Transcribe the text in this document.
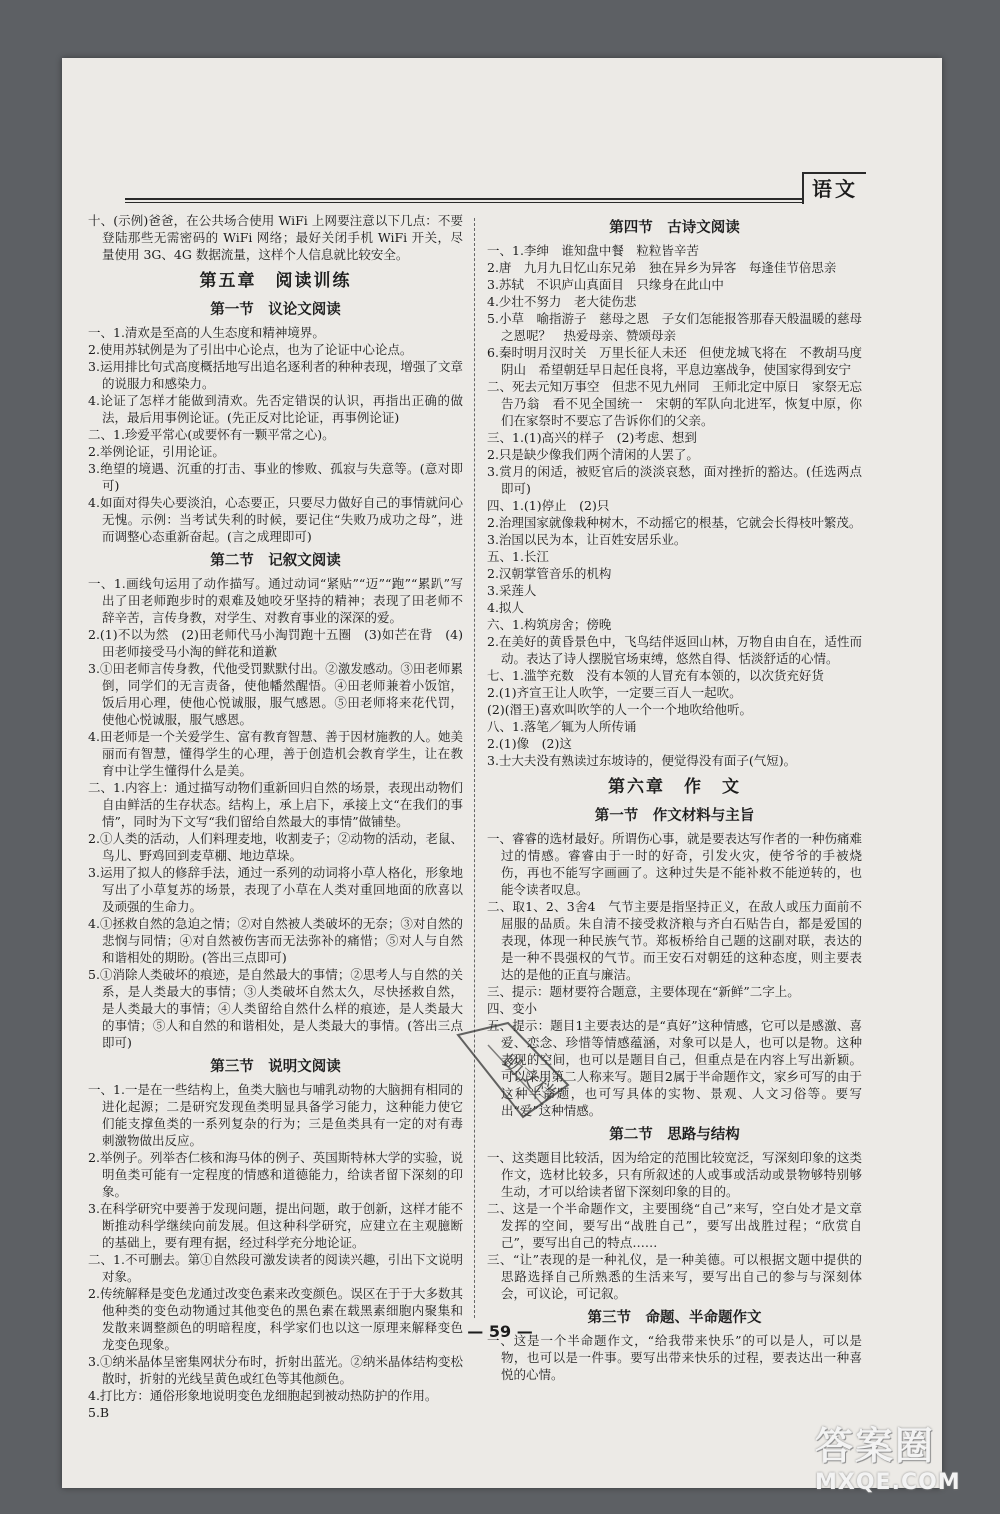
语文

十、(示例)爸爸，在公共场合使用 WiFi 上网要注意以下几点：不要登陆那些无需密码的 WiFi 网络；最好关闭手机 WiFi 开关，尽量使用 3G、4G 数据流量，这样个人信息就比较安全。

第五章　阅读训练
第一节　议论文阅读

一、1.清欢是至高的人生态度和精神境界。

2.使用苏轼例是为了引出中心论点，也为了论证中心论点。

3.运用排比句式高度概括地写出追名逐利者的种种表现，增强了文章的说服力和感染力。

4.论证了怎样才能做到清欢。先否定错误的认识，再指出正确的做法，最后用事例论证。(先正反对比论证，再事例论证)

二、1.珍爱平常心(或要怀有一颗平常之心)。

2.举例论证，引用论证。

3.绝望的境遇、沉重的打击、事业的惨败、孤寂与失意等。(意对即可)

4.如面对得失心要淡泊，心态要正，只要尽力做好自己的事情就问心无愧。示例：当考试失利的时候，要记住“失败乃成功之母”，进而调整心态重新奋起。(言之成理即可)

第二节　记叙文阅读

一、1.画线句运用了动作描写。通过动词“紧贴”“迈”“跑”“累趴”写出了田老师跑步时的艰难及她咬牙坚持的精神；表现了田老师不辞辛苦，言传身教，对学生、对教育事业的深深的爱。

2.(1)不以为然　(2)田老师代马小淘罚跑十五圈　(3)如芒在背　(4)田老师接受马小淘的鲜花和道歉

3.①田老师言传身教，代他受罚默默付出。②激发感动。③田老师累倒，同学们的无言责备，使他幡然醒悟。④田老师兼着小饭馆，饭后用心理，使他心悦诚服，服气感恩。⑤田老师将来花代罚，使他心悦诚服，服气感恩。

4.田老师是一个关爱学生、富有教育智慧、善于因材施教的人。她美丽而有智慧，懂得学生的心理，善于创造机会教育学生，让在教育中让学生懂得什么是美。

二、1.内容上：通过描写动物们重新回归自然的场景，表现出动物们自由鲜活的生存状态。结构上，承上启下，承接上文“在我们的事情”，同时为下文写“我们留给自然最大的事情”做铺垫。

2.①人类的活动，人们料理麦地，收割麦子；②动物的活动，老鼠、鸟儿、野鸡回到麦草棚、地边草垛。

3.运用了拟人的修辞手法，通过一系列的动词将小草人格化，形象地写出了小草复苏的场景，表现了小草在人类对重回地面的欣喜以及顽强的生命力。

4.①拯救自然的急迫之情；②对自然被人类破坏的无奈；③对自然的悲悯与同情；④对自然被伤害而无法弥补的痛惜；⑤对人与自然和谐相处的期盼。(答出三点即可)

5.①消除人类破坏的痕迹，是自然最大的事情；②思考人与自然的关系，是人类最大的事情；③人类破坏自然太久，尽快拯救自然，是人类最大的事情；④人类留给自然什么样的痕迹，是人类最大的事情；⑤人和自然的和谐相处，是人类最大的事情。(答出三点即可)

第三节　说明文阅读

一、1.一是在一些结构上，鱼类大脑也与哺乳动物的大脑拥有相同的进化起源；二是研究发现鱼类明显具备学习能力，这种能力使它们能支撑鱼类的一系列复杂的行为；三是鱼类具有一定的对有毒刺激物做出反应。

2.举例子。列举杏仁核和海马体的例子、英国斯特林大学的实验，说明鱼类可能有一定程度的情感和道德能力，给读者留下深刻的印象。

3.在科学研究中要善于发现问题，提出问题，敢于创新，这样才能不断推动科学继续向前发展。但这种科学研究，应建立在主观臆断的基础上，要有理有据，经过科学充分地论证。

二、1.不可删去。第①自然段可激发读者的阅读兴趣，引出下文说明对象。

2.传统解释是变色龙通过改变色素来改变颜色。误区在于于大多数其他种类的变色动物通过其他变色的黑色素在载黑素细胞内聚集和发散来调整颜色的明暗程度，科学家们也以这一原理来解释变色龙变色现象。

3.①纳米晶体呈密集网状分布时，折射出蓝光。②纳米晶体结构变松散时，折射的光线呈黄色或红色等其他颜色。

4.打比方：通俗形象地说明变色龙细胞起到被动热防护的作用。

5.B

第四节　古诗文阅读

一、1.李绅　谁知盘中餐　粒粒皆辛苦

2.唐　九月九日忆山东兄弟　独在异乡为异客　每逢佳节倍思亲

3.苏轼　不识庐山真面目　只缘身在此山中

4.少壮不努力　老大徒伤悲

5.小草　喻指游子　慈母之恩　子女们怎能报答那春天般温暖的慈母之恩呢？　热爱母亲、赞颂母亲

6.秦时明月汉时关　万里长征人未还　但使龙城飞将在　不教胡马度阴山　希望朝廷早日起任良将，平息边塞战争，使国家得到安宁

二、死去元知万事空　但悲不见九州同　王师北定中原日　家祭无忘告乃翁　看不见全国统一　宋朝的军队向北进军，恢复中原，你们在家祭时不要忘了告诉你们的父亲。

三、1.(1)高兴的样子　(2)考虑、想到

2.只是缺少像我们两个清闲的人罢了。

3.赏月的闲适，被贬官后的淡淡哀愁，面对挫折的豁达。(任选两点即可)

四、1.(1)停止　(2)只

2.治理国家就像栽种树木，不动摇它的根基，它就会长得枝叶繁茂。

3.治国以民为本，让百姓安居乐业。

五、1.长江

2.汉朝掌管音乐的机构

3.采莲人

4.拟人

六、1.构筑房舍；傍晚

2.在美好的黄昏景色中，飞鸟结伴返回山林，万物自由自在，适性而动。表达了诗人摆脱官场束缚，悠然自得、恬淡舒适的心情。

七、1.滥竽充数　没有本领的人冒充有本领的，以次货充好货

2.(1)齐宣王让人吹竽，一定要三百人一起吹。

(2)(湣王)喜欢叫吹竽的人一个一个地吹给他听。

八、1.落笔／辄为人所传诵

2.(1)像　(2)这

3.士大夫没有熟读过东坡诗的，便觉得没有面子(气短)。

第六章　作　文
第一节　作文材料与主旨

一、睿睿的选材最好。所谓伤心事，就是要表达写作者的一种伤痛难过的情感。睿睿由于一时的好奇，引发火灾，使爷爷的手被烧伤，再也不能写字画画了。这种过失是不能补救不能逆转的，也能令读者叹息。

二、取1、2、3舍4　气节主要是指坚持正义，在敌人或压力面前不屈服的品质。朱自清不接受救济粮与齐白石贴告白，都是爱国的表现，体现一种民族气节。郑板桥给自己题的这副对联，表达的是一种不畏强权的气节。而王安石对朝廷的这种态度，则主要表达的是他的正直与廉洁。

三、提示：题材要符合题意，主要体现在“新鲜”二字上。

四、变小

五、提示：题目1主要表达的是“真好”这种情感，它可以是感激、喜爱、恋念、珍惜等情感蕴涵，对象可以是人，也可以是物。这种表现的空间，也可以是题目自己，但重点是在内容上写出新颖。可以采用第二人称来写。题目2属于半命题作文，家乡可写的由于这种半命题，也可写具体的实物、景观、人文习俗等。要写出“爱”这种情感。

第二节　思路与结构

一、这类题目比较活，因为给定的范围比较宽泛，写深刻印象的这类作文，选材比较多，只有所叙述的人或事或活动或景物够特别够生动，才可以给读者留下深刻印象的目的。

二、这是一个半命题作文，主要围绕“自己”来写，空白处才是文章发挥的空间，要写出“战胜自己”，要写出战胜过程；“欣赏自己”，要写出自己的特点……

三、“让”表现的是一种礼仪，是一种美德。可以根据文题中提供的思路选择自己所熟悉的生活来写，要写出自己的参与与深刻体会，可议论，可记叙。

第三节　命题、半命题作文

一、这是一个半命题作文，“给我带来快乐”的可以是人，可以是物，也可以是一件事。要写出带来快乐的过程，要表达出一种喜悦的心情。

— 59 —
助文档
答案圈
MXQE.COM
